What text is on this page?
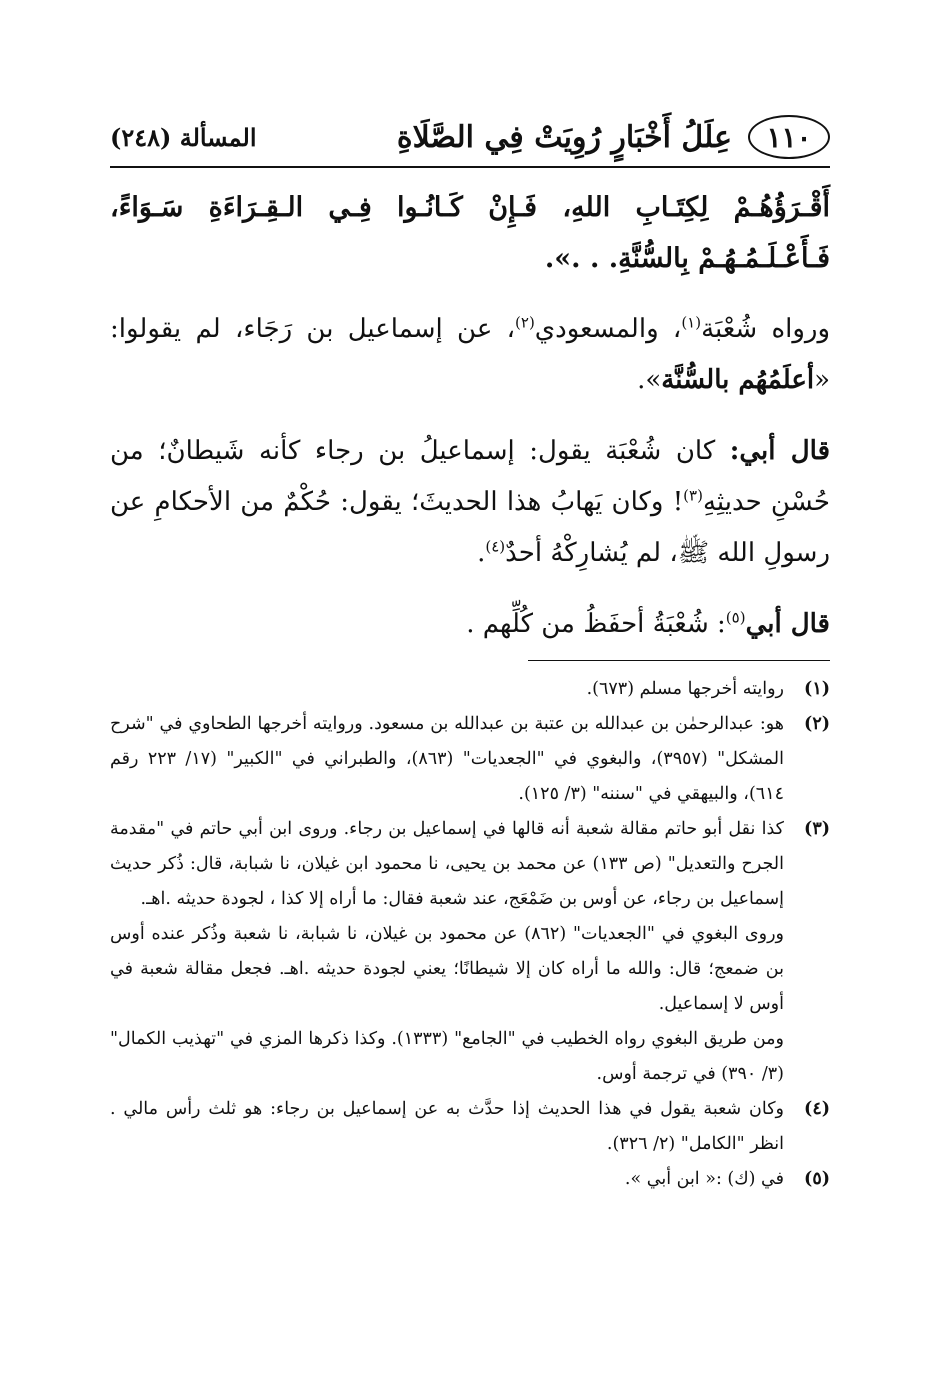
١١٠
عِلَلُ أَخْبَارٍ رُوِيَتْ فِي الصَّلَاةِ
المسألة (٢٤٨)

أَقْـرَؤُهُـمْ لِكِتَـابِ اللهِ، فَـإِنْ كَـانُـوا فِـي الـقِـرَاءَةِ سَـوَاءً، فَـأَعْـلَـمُـهُـمْ بِالسُّنَّةِ. . .».

ورواه شُعْبَة$^{(١)}$، والمسعودي$^{(٢)}$، عن إسماعيل بن رَجَاء، لم يقولوا: «أعلَمُهُم بالسُّنَّة».

قال أبي: كان شُعْبَة يقول: إسماعيلُ بن رجاء كأنه شَيطانٌ؛ من حُسْنِ حديثِهِ$^{(٣)}$! وكان يَهابُ هذا الحديثَ؛ يقول: حُكْمٌ من الأحكامِ عن رسولِ الله ﷺ، لم يُشارِكْهُ أحدٌ$^{(٤)}$.

قال أبي$^{(٥)}$: شُعْبَةُ أحفَظُ من كُلِّهم .

(١)

روايته أخرجها مسلم (٦٧٣).

(٢)

هو: عبدالرحمٰن بن عبدالله بن عتبة بن عبدالله بن مسعود. وروايته أخرجها الطحاوي في "شرح المشكل" (٣٩٥٧)، والبغوي في "الجعديات" (٨٦٣)، والطبراني في "الكبير" (١٧/ ٢٢٣ رقم ٦١٤)، والبيهقي في "سننه" (٣/ ١٢٥).

(٣)

كذا نقل أبو حاتم مقالة شعبة أنه قالها في إسماعيل بن رجاء. وروى ابن أبي حاتم في "مقدمة الجرح والتعديل" (ص ١٣٣) عن محمد بن يحيى، نا محمود ابن غيلان، نا شبابة، قال: ذُكر حديث إسماعيل بن رجاء، عن أوس بن ضَمْعَج، عند شعبة فقال: ما أراه إلا كذا ، لجودة حديثه .اهـ.

وروى البغوي في "الجعديات" (٨٦٢) عن محمود بن غيلان، نا شبابة، نا شعبة وذُكر عنده أوس بن ضمعج؛ قال: والله ما أراه كان إلا شيطانًا؛ يعني لجودة حديثه .اهـ. فجعل مقالة شعبة في أوس لا إسماعيل.

ومن طريق البغوي رواه الخطيب في "الجامع" (١٣٣٣). وكذا ذكرها المزي في "تهذيب الكمال" (٣/ ٣٩٠) في ترجمة أوس.

(٤)

وكان شعبة يقول في هذا الحديث إذا حدَّث به عن إسماعيل بن رجاء: هو ثلث رأس مالي . انظر "الكامل" (٢/ ٣٢٦).

(٥)

في (ك) :« ابن أبي ».
